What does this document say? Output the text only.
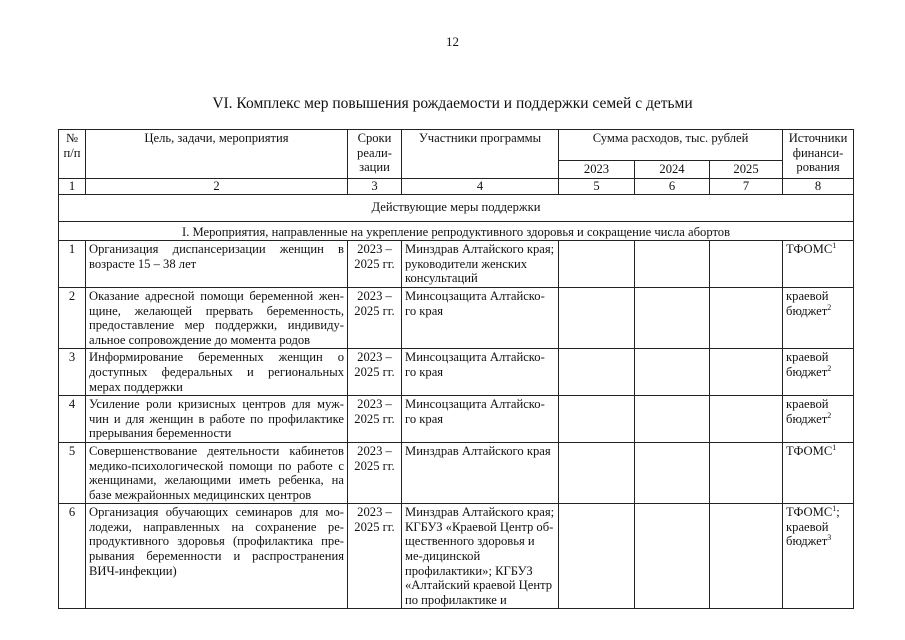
12
VI. Комплекс мер повышения рождаемости и поддержки семей с детьми
№ п/п	Цель, задачи, мероприятия	Сроки реали-зации	Участники программы	Сумма расходов, тыс. рублей			Источники финанси-рования
				2023	2024	2025	
1	2	3	4	5	6	7	8
Действующие меры поддержки							
I. Мероприятия, направленные на укрепление репродуктивного здоровья и сокращение числа абортов							
1	Организация диспансеризации женщин в возрасте 15 – 38 лет	2023 – 2025 гг.	Минздрав Алтайского края; руководители женских консультаций				ТФОМС$^1$
2	Оказание адресной помощи беременной жен-щине, желающей прервать беременность, предоставление мер поддержки, индивиду-альное сопровождение до момента родов	2023 – 2025 гг.	Минсоцзащита Алтайско-го края				краевой бюджет$^2$
3	Информирование беременных женщин о доступных федеральных и региональных мерах поддержки	2023 – 2025 гг.	Минсоцзащита Алтайско-го края				краевой бюджет$^2$
4	Усиление роли кризисных центров для муж-чин и для женщин в работе по профилактике прерывания беременности	2023 – 2025 гг.	Минсоцзащита Алтайско-го края				краевой бюджет$^2$
5	Совершенствование деятельности кабинетов медико-психологической помощи по работе с женщинами, желающими иметь ребенка, на базе межрайонных медицинских центров	2023 – 2025 гг.	Минздрав Алтайского края				ТФОМС$^1$
6	Организация обучающих семинаров для мо-лодежи, направленных на сохранение ре-продуктивного здоровья (профилактика пре-рывания беременности и распространения ВИЧ-инфекции)	2023 – 2025 гг.	Минздрав Алтайского края; КГБУЗ «Краевой Центр об-щественного здоровья и ме-дицинской профилактики»; КГБУЗ «Алтайский краевой Центр по профилактике и				ТФОМС$^1$; краевой бюджет$^3$
